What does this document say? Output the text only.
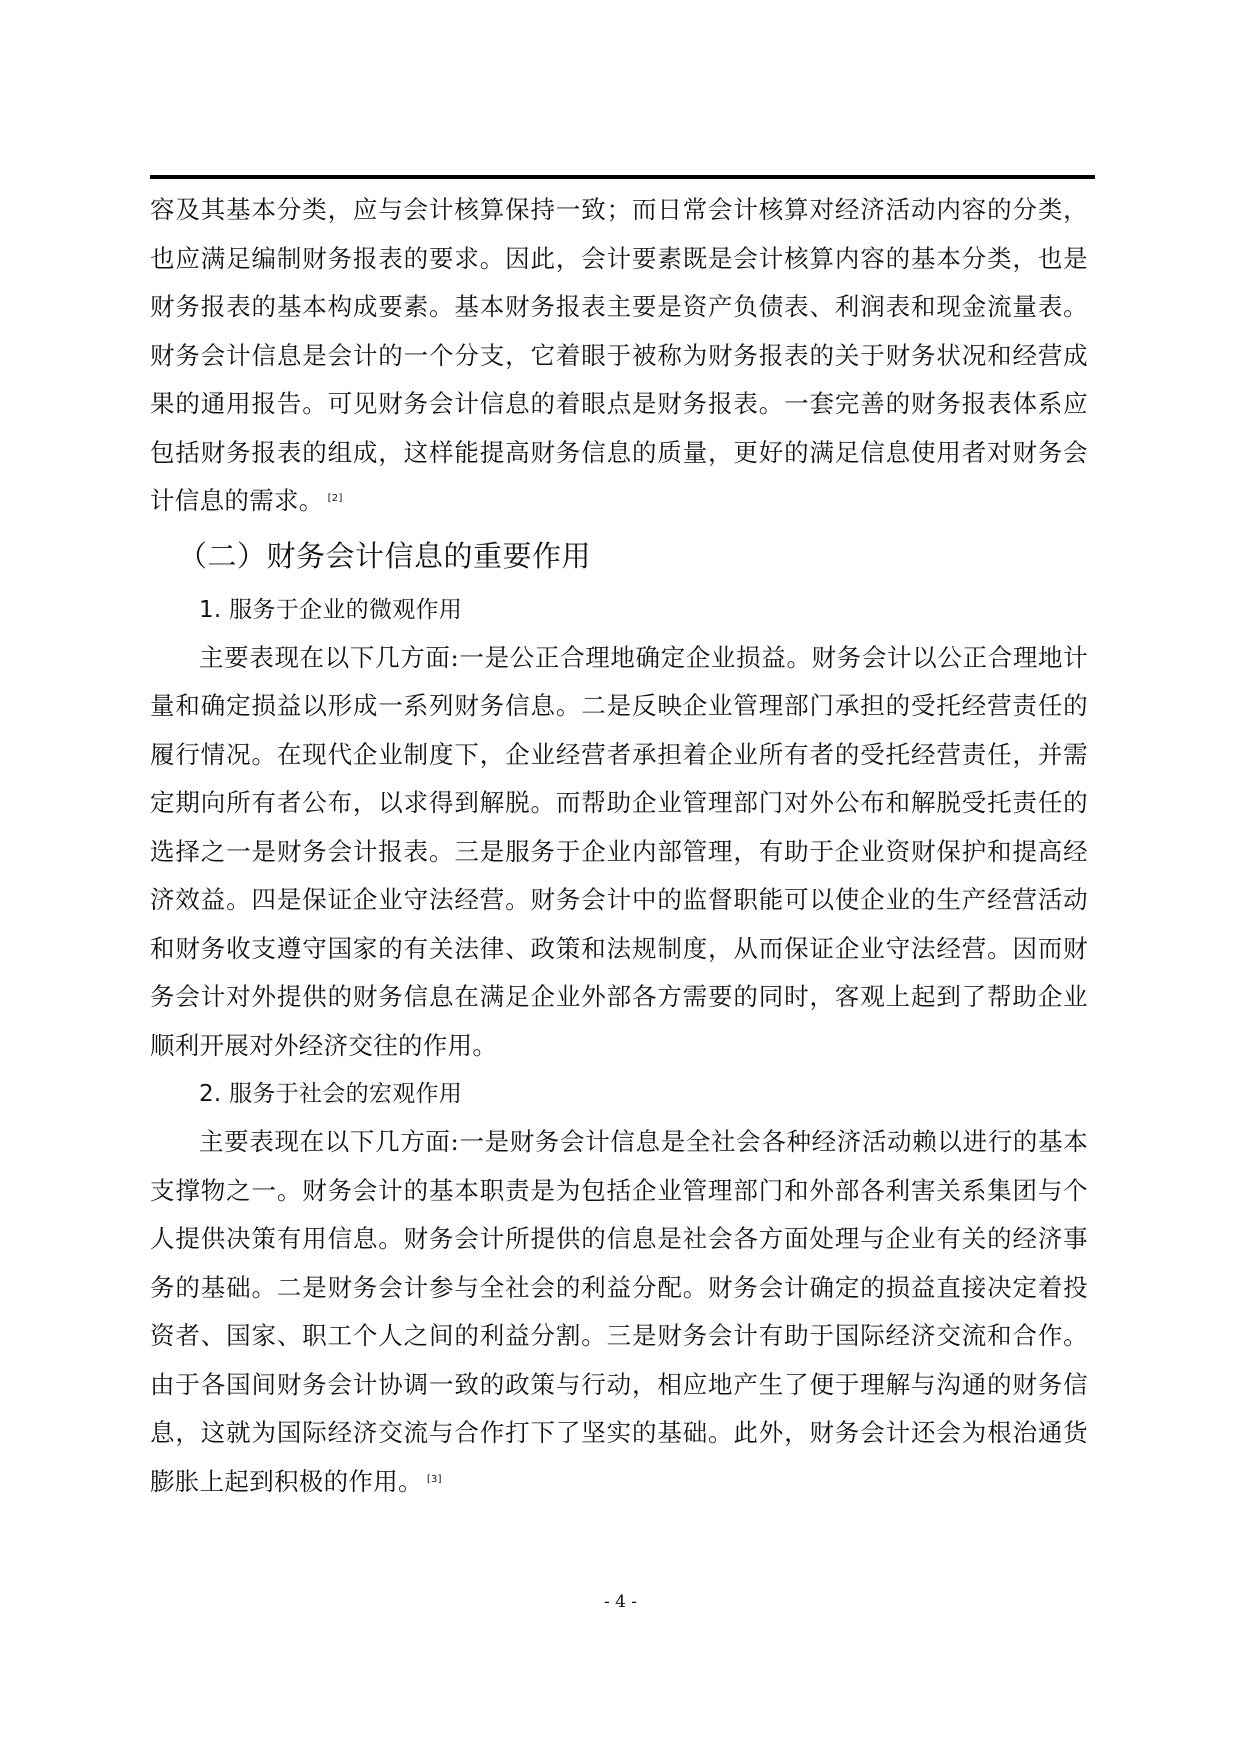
容及其基本分类，应与会计核算保持一致；而日常会计核算对经济活动内容的分类，也应满足编制财务报表的要求。因此，会计要素既是会计核算内容的基本分类，也是财务报表的基本构成要素。基本财务报表主要是资产负债表、利润表和现金流量表。财务会计信息是会计的一个分支，它着眼于被称为财务报表的关于财务状况和经营成果的通用报告。可见财务会计信息的着眼点是财务报表。一套完善的财务报表体系应包括财务报表的组成，这样能提高财务信息的质量，更好的满足信息使用者对财务会计信息的需求。 [2]

（二）财务会计信息的重要作用

1. 服务于企业的微观作用

主要表现在以下几方面:一是公正合理地确定企业损益。财务会计以公正合理地计量和确定损益以形成一系列财务信息。二是反映企业管理部门承担的受托经营责任的履行情况。在现代企业制度下，企业经营者承担着企业所有者的受托经营责任，并需定期向所有者公布，以求得到解脱。而帮助企业管理部门对外公布和解脱受托责任的选择之一是财务会计报表。三是服务于企业内部管理，有助于企业资财保护和提高经济效益。四是保证企业守法经营。财务会计中的监督职能可以使企业的生产经营活动和财务收支遵守国家的有关法律、政策和法规制度，从而保证企业守法经营。因而财务会计对外提供的财务信息在满足企业外部各方需要的同时，客观上起到了帮助企业顺利开展对外经济交往的作用。

2. 服务于社会的宏观作用

主要表现在以下几方面:一是财务会计信息是全社会各种经济活动赖以进行的基本支撑物之一。财务会计的基本职责是为包括企业管理部门和外部各利害关系集团与个人提供决策有用信息。财务会计所提供的信息是社会各方面处理与企业有关的经济事务的基础。二是财务会计参与全社会的利益分配。财务会计确定的损益直接决定着投资者、国家、职工个人之间的利益分割。三是财务会计有助于国际经济交流和合作。由于各国间财务会计协调一致的政策与行动，相应地产生了便于理解与沟通的财务信息，这就为国际经济交流与合作打下了坚实的基础。此外，财务会计还会为根治通货膨胀上起到积极的作用。 [3]

- 4 -
